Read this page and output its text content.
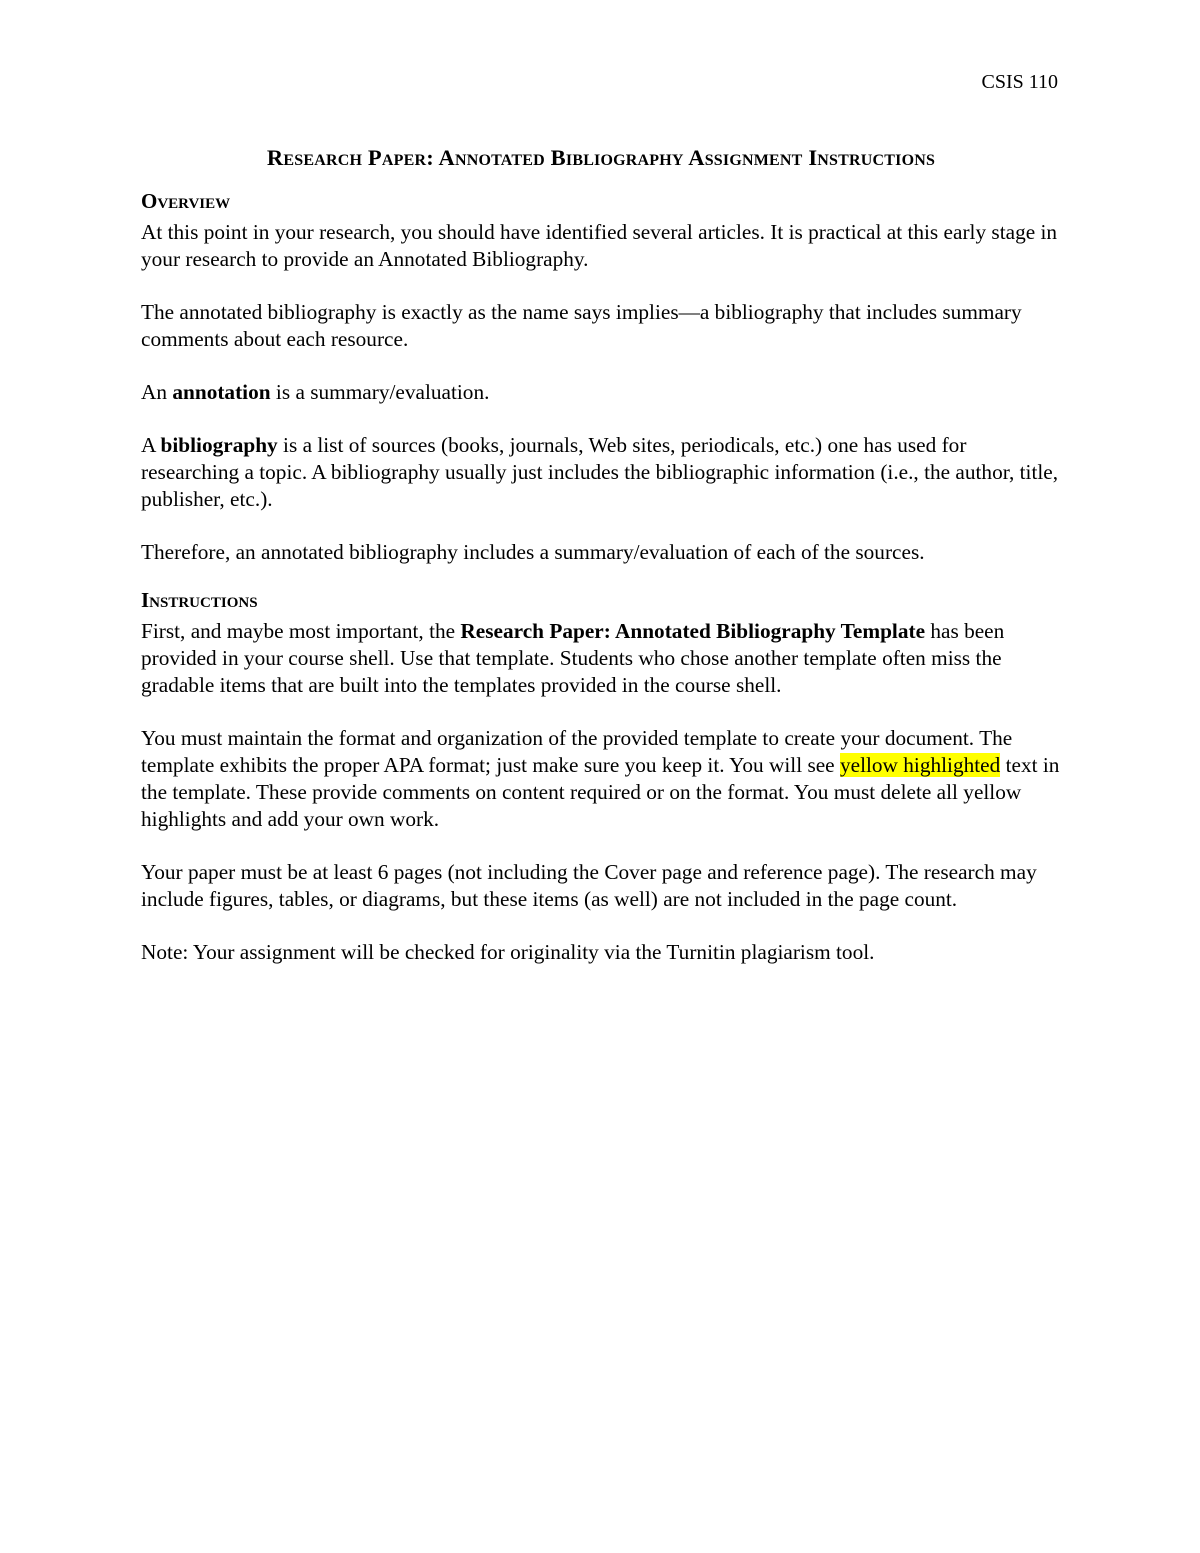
CSIS 110
Research Paper: Annotated Bibliography Assignment Instructions
Overview

At this point in your research, you should have identified several articles. It is practical at this early stage in your research to provide an Annotated Bibliography.

The annotated bibliography is exactly as the name says implies—a bibliography that includes summary comments about each resource.

An annotation is a summary/evaluation.

A bibliography is a list of sources (books, journals, Web sites, periodicals, etc.) one has used for researching a topic. A bibliography usually just includes the bibliographic information (i.e., the author, title, publisher, etc.).

Therefore, an annotated bibliography includes a summary/evaluation of each of the sources.

Instructions

First, and maybe most important, the Research Paper: Annotated Bibliography Template has been provided in your course shell. Use that template. Students who chose another template often miss the gradable items that are built into the templates provided in the course shell.

You must maintain the format and organization of the provided template to create your document. The template exhibits the proper APA format; just make sure you keep it. You will see yellow highlighted text in the template. These provide comments on content required or on the format. You must delete all yellow highlights and add your own work.

Your paper must be at least 6 pages (not including the Cover page and reference page). The research may include figures, tables, or diagrams, but these items (as well) are not included in the page count.

Note: Your assignment will be checked for originality via the Turnitin plagiarism tool.
